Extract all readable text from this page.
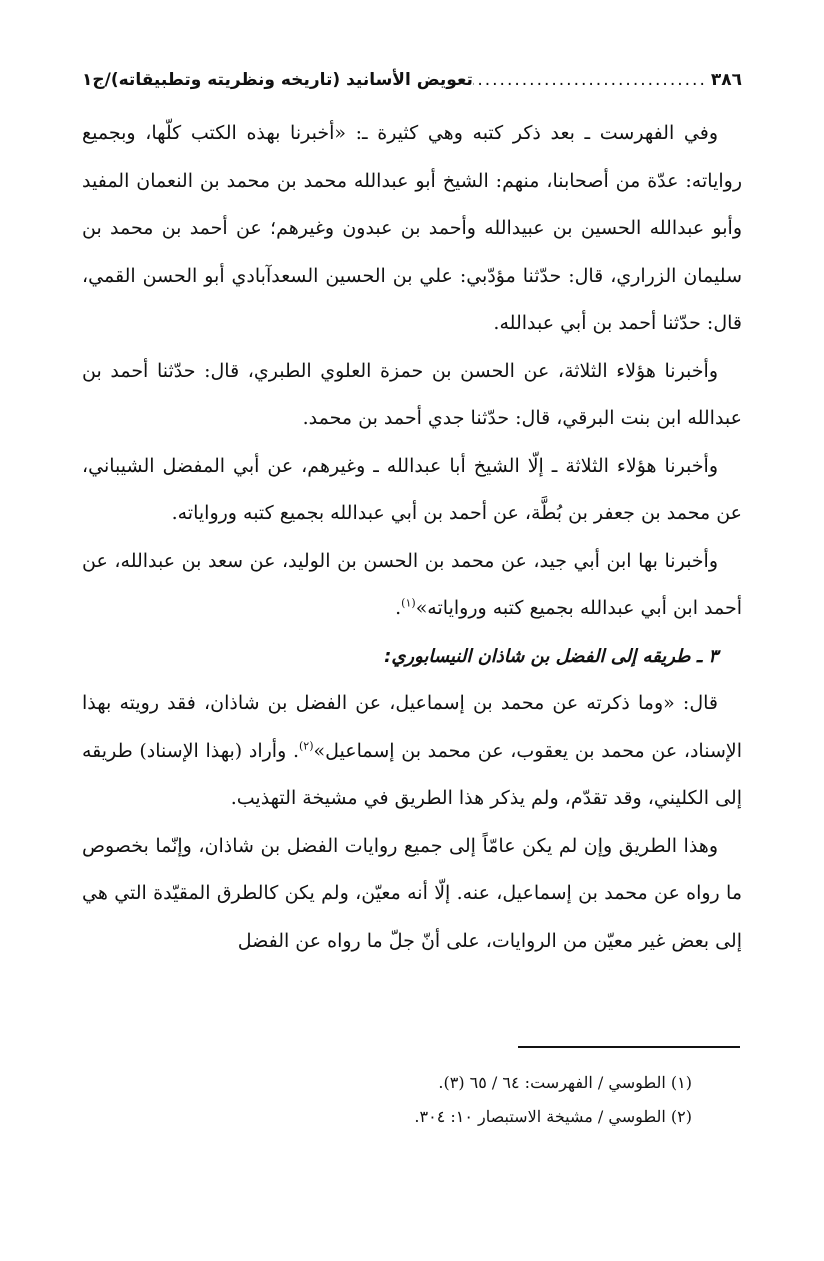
٣٨٦
.....
تعويض الأسانيد (تاريخه ونظريته وتطبيقاته)/ج١

وفي الفهرست ـ بعد ذكر كتبه وهي كثيرة ـ: «أخبرنا بهذه الكتب كلّها، وبجميع رواياته: عدّة من أصحابنا، منهم: الشيخ أبو عبدالله محمد بن محمد بن النعمان المفيد وأبو عبدالله الحسين بن عبيدالله وأحمد بن عبدون وغيرهم؛ عن أحمد بن محمد بن سليمان الزراري، قال: حدّثنا مؤدّبي: علي بن الحسين السعدآبادي أبو الحسن القمي، قال: حدّثنا أحمد بن أبي عبدالله.

وأخبرنا هؤلاء الثلاثة، عن الحسن بن حمزة العلوي الطبري، قال: حدّثنا أحمد بن عبدالله ابن بنت البرقي، قال: حدّثنا جدي أحمد بن محمد.

وأخبرنا هؤلاء الثلاثة ـ إلّا الشيخ أبا عبدالله ـ وغيرهم، عن أبي المفضل الشيباني، عن محمد بن جعفر بن بُطَّة، عن أحمد بن أبي عبدالله بجميع كتبه ورواياته.

وأخبرنا بها ابن أبي جيد، عن محمد بن الحسن بن الوليد، عن سعد بن عبدالله، عن أحمد ابن أبي عبدالله بجميع كتبه ورواياته»$^{(١)}$.

٣ ـ طريقه إلى الفضل بن شاذان النيسابوري:

قال: «وما ذكرته عن محمد بن إسماعيل، عن الفضل بن شاذان، فقد رويته بهذا الإسناد، عن محمد بن يعقوب، عن محمد بن إسماعيل»$^{(٢)}$. وأراد (بهذا الإسناد) طريقه إلى الكليني، وقد تقدّم، ولم يذكر هذا الطريق في مشيخة التهذيب.

وهذا الطريق وإن لم يكن عامّاً إلى جميع روايات الفضل بن شاذان، وإنّما بخصوص ما رواه عن محمد بن إسماعيل، عنه. إلّا أنه معيّن، ولم يكن كالطرق المقيّدة التي هي إلى بعض غير معيّن من الروايات، على أنّ جلّ ما رواه عن الفضل

(١) الطوسي / الفهرست: ٦٤ / ٦٥ (٣).

(٢) الطوسي / مشيخة الاستبصار ١٠: ٣٠٤.
